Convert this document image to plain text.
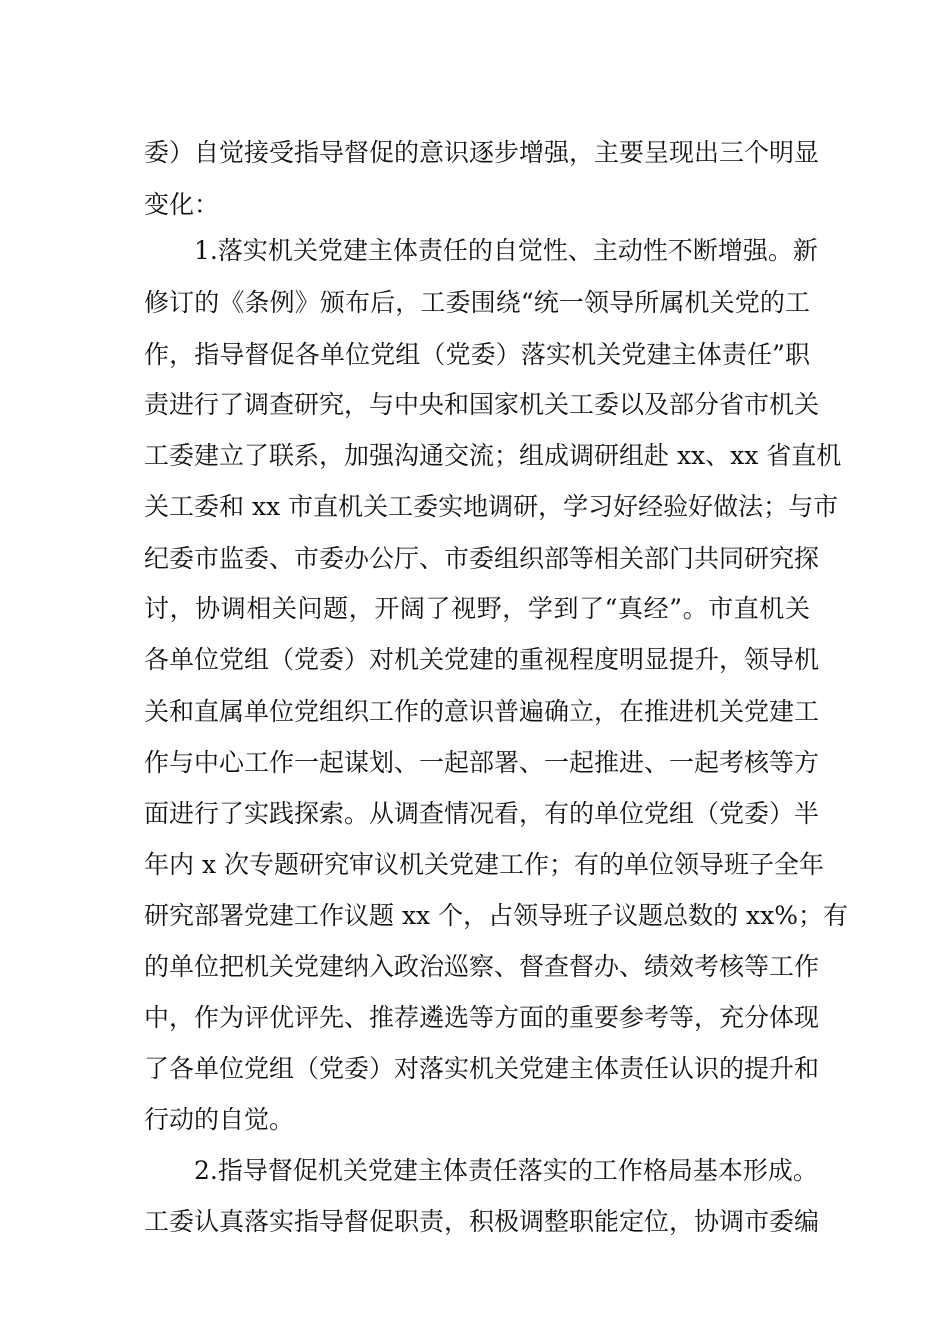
委）自觉接受指导督促的意识逐步增强，主要呈现出三个明显
变化：
1.落实机关党建主体责任的自觉性、主动性不断增强。新
修订的《条例》颁布后，工委围绕“统一领导所属机关党的工
作，指导督促各单位党组（党委）落实机关党建主体责任”职
责进行了调查研究，与中央和国家机关工委以及部分省市机关
工委建立了联系，加强沟通交流；组成调研组赴 xx、xx 省直机
关工委和 xx 市直机关工委实地调研，学习好经验好做法；与市
纪委市监委、市委办公厅、市委组织部等相关部门共同研究探
讨，协调相关问题，开阔了视野，学到了“真经”。市直机关
各单位党组（党委）对机关党建的重视程度明显提升，领导机
关和直属单位党组织工作的意识普遍确立，在推进机关党建工
作与中心工作一起谋划、一起部署、一起推进、一起考核等方
面进行了实践探索。从调查情况看，有的单位党组（党委）半
年内 x 次专题研究审议机关党建工作；有的单位领导班子全年
研究部署党建工作议题 xx 个，占领导班子议题总数的 xx%；有
的单位把机关党建纳入政治巡察、督查督办、绩效考核等工作
中，作为评优评先、推荐遴选等方面的重要参考等，充分体现
了各单位党组（党委）对落实机关党建主体责任认识的提升和
行动的自觉。
2.指导督促机关党建主体责任落实的工作格局基本形成。
工委认真落实指导督促职责，积极调整职能定位，协调市委编
